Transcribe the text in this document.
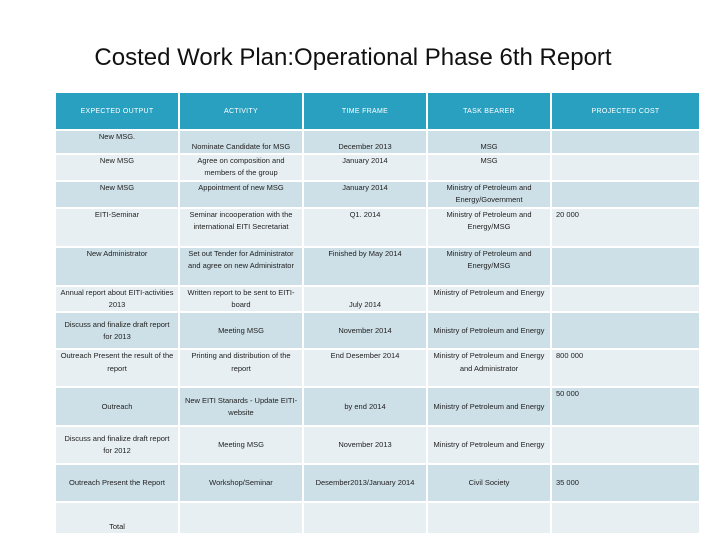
Costed Work Plan:Operational Phase 6th Report
EXPECTED OUTPUT	ACTIVITY	TIME FRAME	TASK BEARER	PROJECTED COST
New MSG.	Nominate Candidate for MSG	December 2013	MSG	
New MSG	Agree on composition and members of the group	January 2014	MSG	
New MSG	Appointment of new MSG	January 2014	Ministry of Petroleum and Energy/Government	
EITI-Seminar	Seminar incooperation with the international EITI Secretariat	Q1. 2014	Ministry of Petroleum and Energy/MSG	20 000
New Administrator	Set out Tender for Administrator and agree on new Administrator	Finished by May 2014	Ministry of Petroleum and Energy/MSG	
Annual report about EITI-activities 2013	Written report to be sent to EITI-board	July 2014	Ministry of Petroleum and Energy	
Discuss and finalize draft report for 2013	Meeting MSG	November 2014	Ministry of Petroleum and Energy	
Outreach Present the result of the report	Printing and distribution of the report	End Desember 2014	Ministry of Petroleum and Energy and Administrator	800 000
Outreach	New EITI Stanards - Update EITI-website	by end 2014	Ministry of Petroleum and Energy	50 000
Discuss and finalize draft report for 2012	Meeting MSG	November 2013	Ministry of Petroleum and Energy	
Outreach Present the Report	Workshop/Seminar	Desember2013/January 2014	Civil Society	35 000
Total				
